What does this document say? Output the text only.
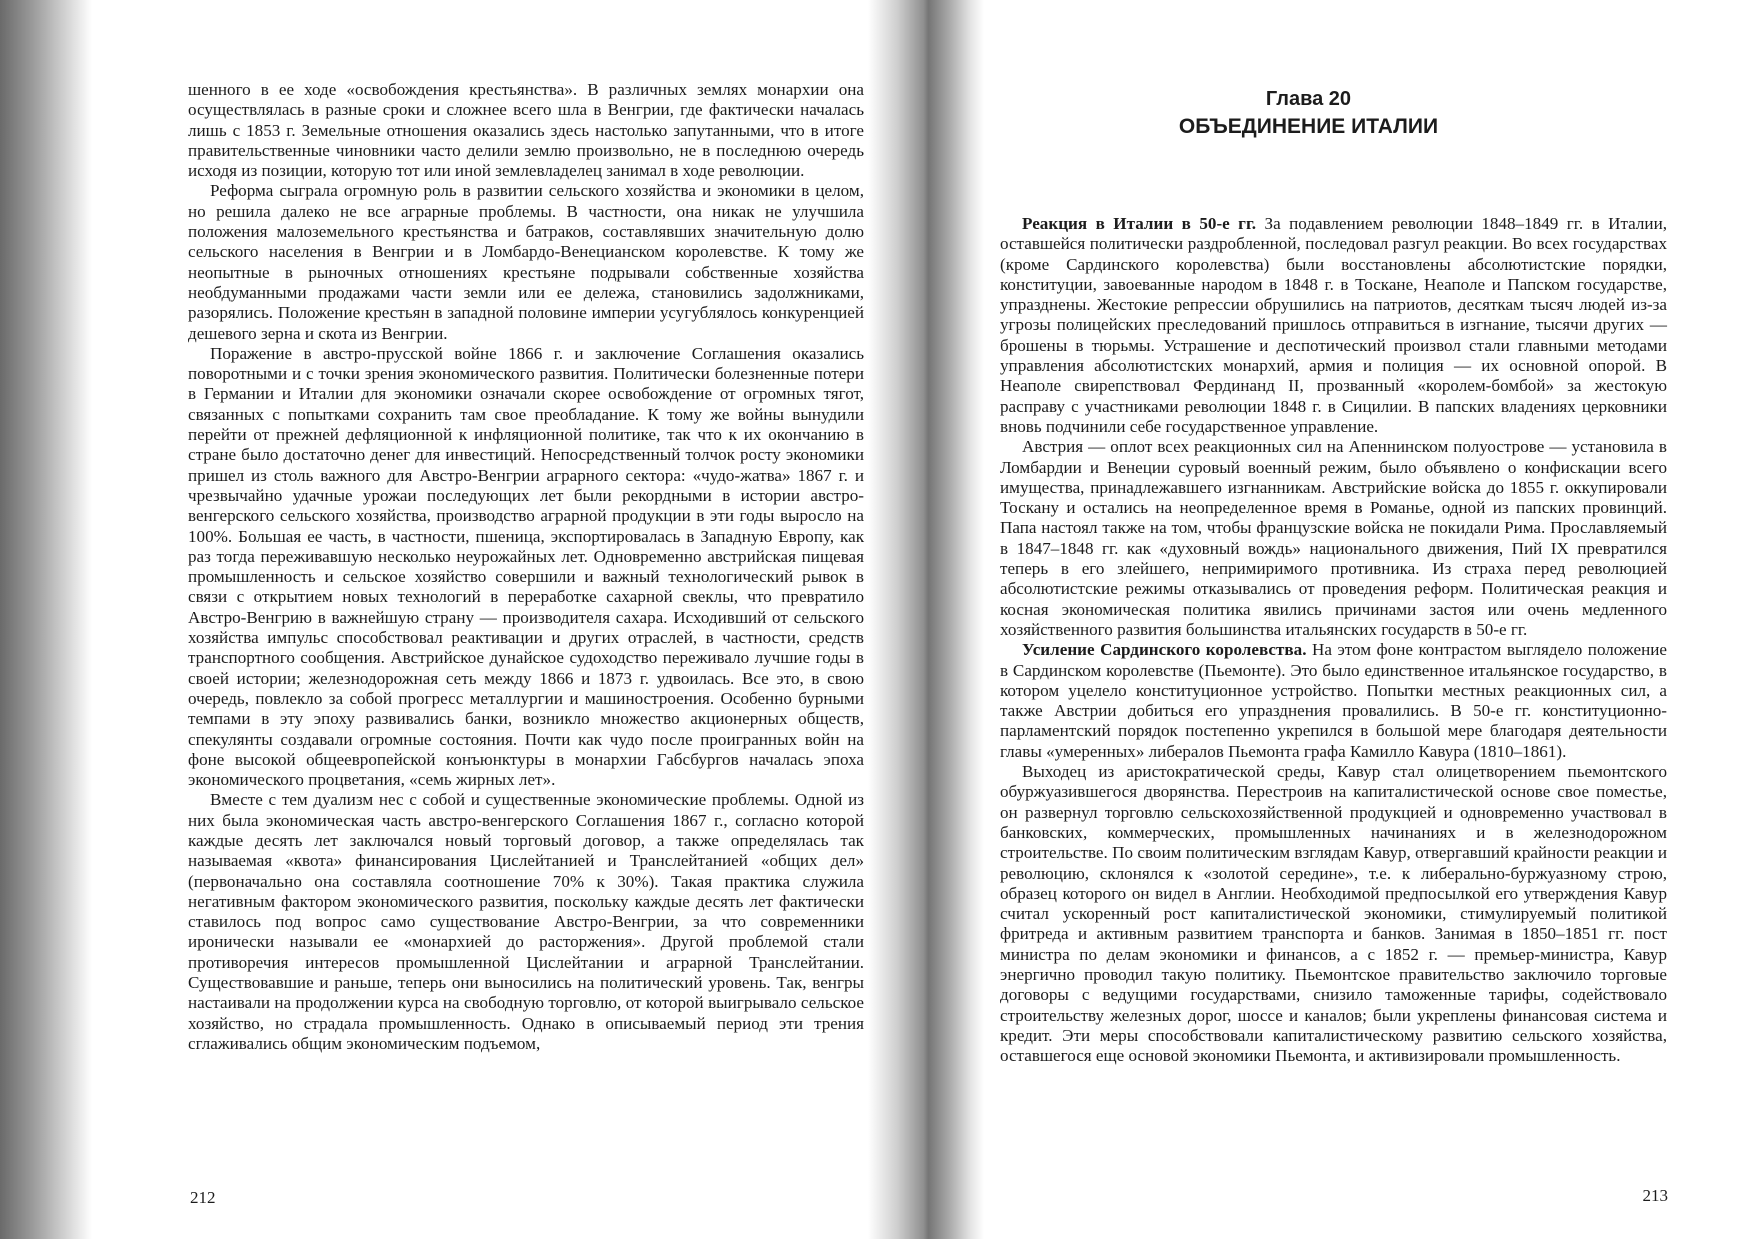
шенного в ее ходе «освобождения крестьянства». В различных землях монархии она осуществлялась в разные сроки и сложнее всего шла в Венгрии, где фактически началась лишь с 1853 г. Земельные отношения оказались здесь настолько запутанными, что в итоге правительственные чиновники часто делили землю произвольно, не в последнюю очередь исходя из позиции, которую тот или иной землевладелец занимал в ходе революции.

Реформа сыграла огромную роль в развитии сельского хозяйства и экономики в целом, но решила далеко не все аграрные проблемы. В частности, она никак не улучшила положения малоземельного крестьянства и батраков, составлявших значительную долю сельского населения в Венгрии и в Ломбардо-Венецианском королевстве. К тому же неопытные в рыночных отношениях крестьяне подрывали собственные хозяйства необдуманными продажами части земли или ее дележа, становились задолжниками, разорялись. Положение крестьян в западной половине империи усугублялось конкуренцией дешевого зерна и скота из Венгрии.

Поражение в австро-прусской войне 1866 г. и заключение Соглашения оказались поворотными и с точки зрения экономического развития. Политически болезненные потери в Германии и Италии для экономики означали скорее освобождение от огромных тягот, связанных с попытками сохранить там свое преобладание. К тому же войны вынудили перейти от прежней дефляционной к инфляционной политике, так что к их окончанию в стране было достаточно денег для инвестиций. Непосредственный толчок росту экономики пришел из столь важного для Австро-Венгрии аграрного сектора: «чудо-жатва» 1867 г. и чрезвычайно удачные урожаи последующих лет были рекордными в истории австро-венгерского сельского хозяйства, производство аграрной продукции в эти годы выросло на 100%. Большая ее часть, в частности, пшеница, экспортировалась в Западную Европу, как раз тогда переживавшую несколько неурожайных лет. Одновременно австрийская пищевая промышленность и сельское хозяйство совершили и важный технологический рывок в связи с открытием новых технологий в переработке сахарной свеклы, что превратило Австро-Венгрию в важнейшую страну — производителя сахара. Исходивший от сельского хозяйства импульс способствовал реактивации и других отраслей, в частности, средств транспортного сообщения. Австрийское дунайское судоходство переживало лучшие годы в своей истории; железнодорожная сеть между 1866 и 1873 г. удвоилась. Все это, в свою очередь, повлекло за собой прогресс металлургии и машиностроения. Особенно бурными темпами в эту эпоху развивались банки, возникло множество акционерных обществ, спекулянты создавали огромные состояния. Почти как чудо после проигранных войн на фоне высокой общеевропейской конъюнктуры в монархии Габсбургов началась эпоха экономического процветания, «семь жирных лет».

Вместе с тем дуализм нес с собой и существенные экономические проблемы. Одной из них была экономическая часть австро-венгерского Соглашения 1867 г., согласно которой каждые десять лет заключался новый торговый договор, а также определялась так называемая «квота» финансирования Цислейтанией и Транслейтанией «общих дел» (первоначально она составляла соотношение 70% к 30%). Такая практика служила негативным фактором экономического развития, поскольку каждые десять лет фактически ставилось под вопрос само существование Австро-Венгрии, за что современники иронически называли ее «монархией до расторжения». Другой проблемой стали противоречия интересов промышленной Цислейтании и аграрной Транслейтании. Существовавшие и раньше, теперь они выносились на политический уровень. Так, венгры настаивали на продолжении курса на свободную торговлю, от которой выигрывало сельское хозяйство, но страдала промышленность. Однако в описываемый период эти трения сглаживались общим экономическим подъемом,

212
Глава 20
ОБЪЕДИНЕНИЕ ИТАЛИИ

Реакция в Италии в 50-е гг. За подавлением революции 1848–1849 гг. в Италии, оставшейся политически раздробленной, последовал разгул реакции. Во всех государствах (кроме Сардинского королевства) были восстановлены абсолютистские порядки, конституции, завоеванные народом в 1848 г. в Тоскане, Неаполе и Папском государстве, упразднены. Жестокие репрессии обрушились на патриотов, десяткам тысяч людей из-за угрозы полицейских преследований пришлось отправиться в изгнание, тысячи других — брошены в тюрьмы. Устрашение и деспотический произвол стали главными методами управления абсолютистских монархий, армия и полиция — их основной опорой. В Неаполе свирепствовал Фердинанд II, прозванный «королем-бомбой» за жестокую расправу с участниками революции 1848 г. в Сицилии. В папских владениях церковники вновь подчинили себе государственное управление.

Австрия — оплот всех реакционных сил на Апеннинском полуострове — установила в Ломбардии и Венеции суровый военный режим, было объявлено о конфискации всего имущества, принадлежавшего изгнанникам. Австрийские войска до 1855 г. оккупировали Тоскану и остались на неопределенное время в Романье, одной из папских провинций. Папа настоял также на том, чтобы французские войска не покидали Рима. Прославляемый в 1847–1848 гг. как «духовный вождь» национального движения, Пий IX превратился теперь в его злейшего, непримиримого противника. Из страха перед революцией абсолютистские режимы отказывались от проведения реформ. Политическая реакция и косная экономическая политика явились причинами застоя или очень медленного хозяйственного развития большинства итальянских государств в 50-е гг.

Усиление Сардинского королевства. На этом фоне контрастом выглядело положение в Сардинском королевстве (Пьемонте). Это было единственное итальянское государство, в котором уцелело конституционное устройство. Попытки местных реакционных сил, а также Австрии добиться его упразднения провалились. В 50-е гг. конституционно-парламентский порядок постепенно укрепился в большой мере благодаря деятельности главы «умеренных» либералов Пьемонта графа Камилло Кавура (1810–1861).

Выходец из аристократической среды, Кавур стал олицетворением пьемонтского обуржуазившегося дворянства. Перестроив на капиталистической основе свое поместье, он развернул торговлю сельскохозяйственной продукцией и одновременно участвовал в банковских, коммерческих, промышленных начинаниях и в железнодорожном строительстве. По своим политическим взглядам Кавур, отвергавший крайности реакции и революцию, склонялся к «золотой середине», т.е. к либерально-буржуазному строю, образец которого он видел в Англии. Необходимой предпосылкой его утверждения Кавур считал ускоренный рост капиталистической экономики, стимулируемый политикой фритреда и активным развитием транспорта и банков. Занимая в 1850–1851 гг. пост министра по делам экономики и финансов, а с 1852 г. — премьер-министра, Кавур энергично проводил такую политику. Пьемонтское правительство заключило торговые договоры с ведущими государствами, снизило таможенные тарифы, содействовало строительству железных дорог, шоссе и каналов; были укреплены финансовая система и кредит. Эти меры способствовали капиталистическому развитию сельского хозяйства, оставшегося еще основой экономики Пьемонта, и активизировали промышленность.

213
